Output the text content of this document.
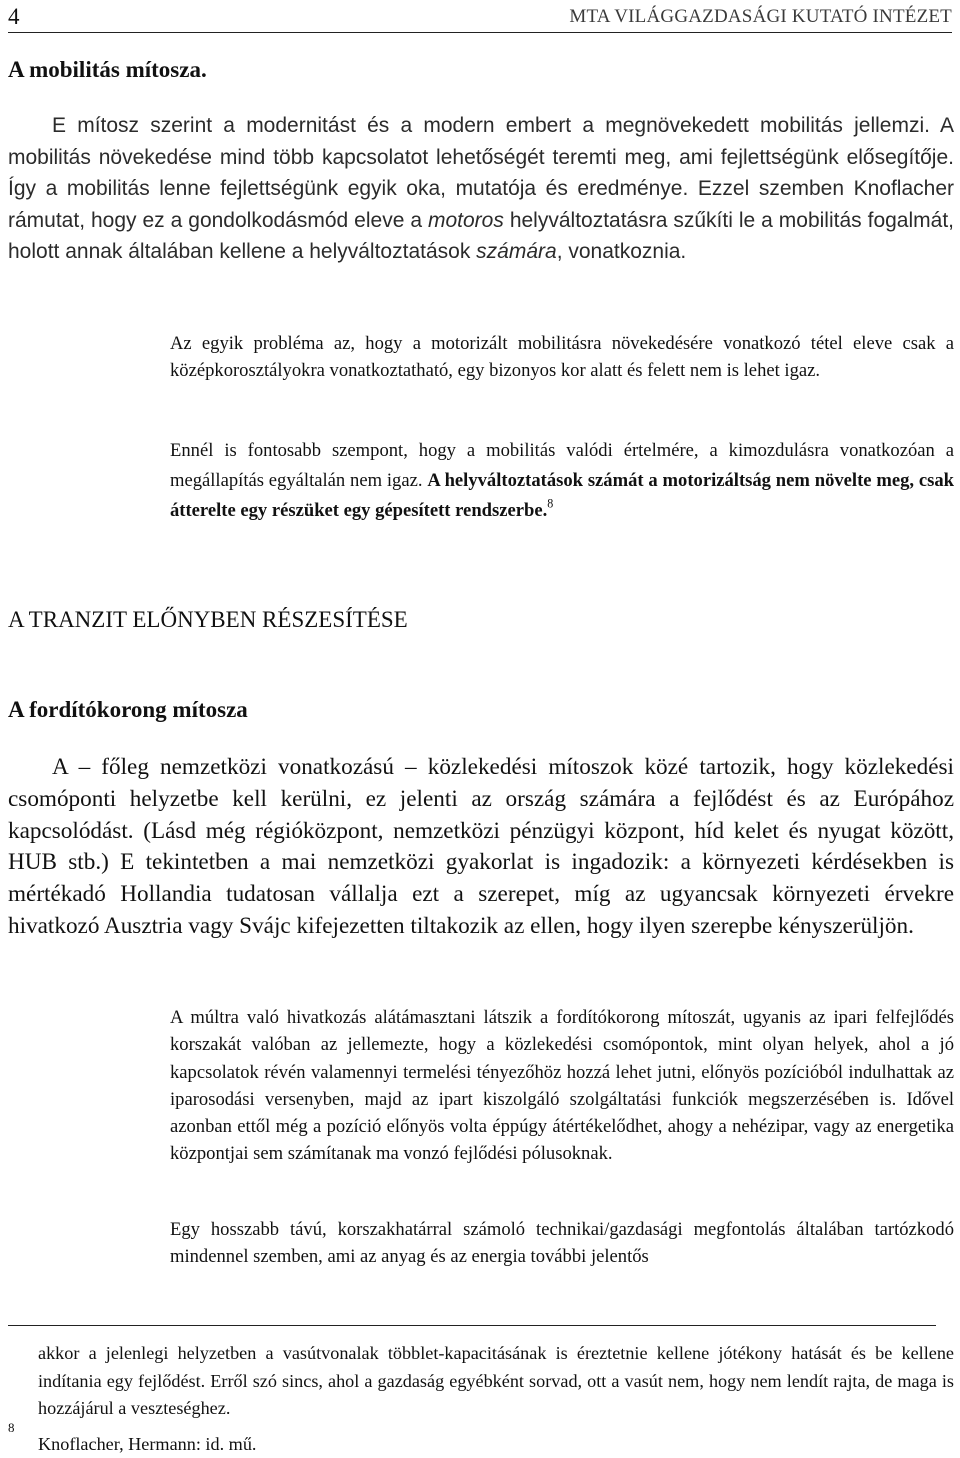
4	MTA VILÁGGAZDASÁGI KUTATÓ INTÉZET
A mobilitás mítosza.

E mítosz szerint a modernitást és a modern embert a megnövekedett mobilitás jellemzi. A mobilitás növekedése mind több kapcsolatot lehetőségét teremti meg, ami fejlettségünk elősegítője. Így a mobilitás lenne fejlettségünk egyik oka, mutatója és eredménye. Ezzel szemben Knoflacher rámutat, hogy ez a gondolkodásmód eleve a motoros helyváltoztatásra szűkíti le a mobilitás fogalmát, holott annak általában kellene a helyváltoztatások számára, vonatkoznia.

Az egyik probléma az, hogy a motorizált mobilitásra növekedésére vonatkozó tétel eleve csak a középkorosztályokra vonatkoztatható, egy bizonyos kor alatt és felett nem is lehet igaz.

Ennél is fontosabb szempont, hogy a mobilitás valódi értelmére, a kimozdulásra vonatkozóan a megállapítás egyáltalán nem igaz. A helyváltoztatások számát a motorizáltság nem növelte meg, csak átterelte egy részüket egy gépesített rendszerbe.$^8$

A TRANZIT ELŐNYBEN RÉSZESÍTÉSE
A fordítókorong mítosza

A – főleg nemzetközi vonatkozású – közlekedési mítoszok közé tartozik, hogy közlekedési csomóponti helyzetbe kell kerülni, ez jelenti az ország számára a fejlődést és az Európához kapcsolódást. (Lásd még régióközpont, nemzetközi pénzügyi központ, híd kelet és nyugat között, HUB stb.) E tekintetben a mai nemzetközi gyakorlat is ingadozik: a környezeti kérdésekben is mértékadó Hollandia tudatosan vállalja ezt a szerepet, míg az ugyancsak környezeti érvekre hivatkozó Ausztria vagy Svájc kifejezetten tiltakozik az ellen, hogy ilyen szerepbe kényszerüljön.

A múltra való hivatkozás alátámasztani látszik a fordítókorong mítoszát, ugyanis az ipari felfejlődés korszakát valóban az jellemezte, hogy a közlekedési csomópontok, mint olyan helyek, ahol a jó kapcsolatok révén valamennyi termelési tényezőhöz hozzá lehet jutni, előnyös pozícióból indulhattak az iparosodási versenyben, majd az ipart kiszolgáló szolgáltatási funkciók megszerzésében is. Idővel azonban ettől még a pozíció előnyös volta éppúgy átértékelődhet, ahogy a nehézipar, vagy az energetika központjai sem számítanak ma vonzó fejlődési pólusoknak.

Egy hosszabb távú, korszakhatárral számoló technikai/gazdasági megfontolás általában tartózkodó mindennel szemben, ami az anyag és az energia további jelentős

akkor a jelenlegi helyzetben a vasútvonalak többlet-kapacitásának is éreztetnie kellene jótékony hatását és be kellene indítania egy fejlődést. Erről szó sincs, ahol a gazdaság egyébként sorvad, ott a vasút nem, hogy nem lendít rajta, de maga is hozzájárul a veszteséghez.

8
Knoflacher, Hermann: id. mű.
